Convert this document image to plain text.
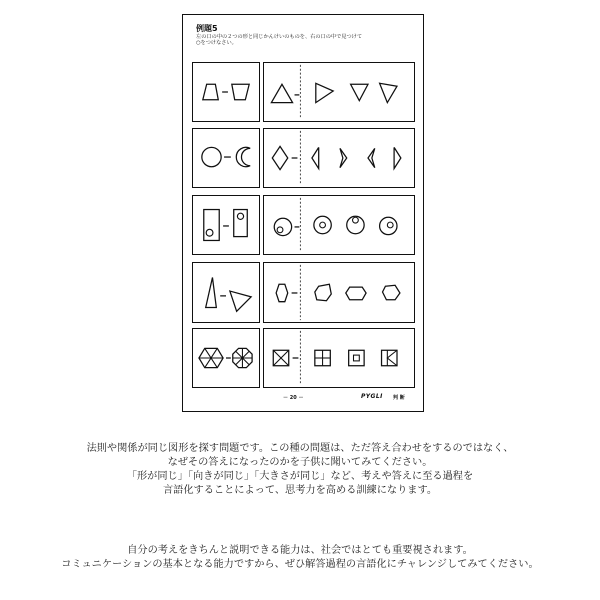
例題5
左の口の中の２つの形と同じかんけいのものを、右の口の中で見つけて
○をつけなさい。
－ 20 －	PYGLI 判 断

法則や関係が同じ図形を探す問題です。この種の問題は、ただ答え合わせをするのではなく、

なぜその答えになったのかを子供に聞いてみてください。

「形が同じ」「向きが同じ」「大きさが同じ」など、考えや答えに至る過程を

言語化することによって、思考力を高める訓練になります。

自分の考えをきちんと説明できる能力は、社会ではとても重要視されます。

コミュニケーションの基本となる能力ですから、ぜひ解答過程の言語化にチャレンジしてみてください。
